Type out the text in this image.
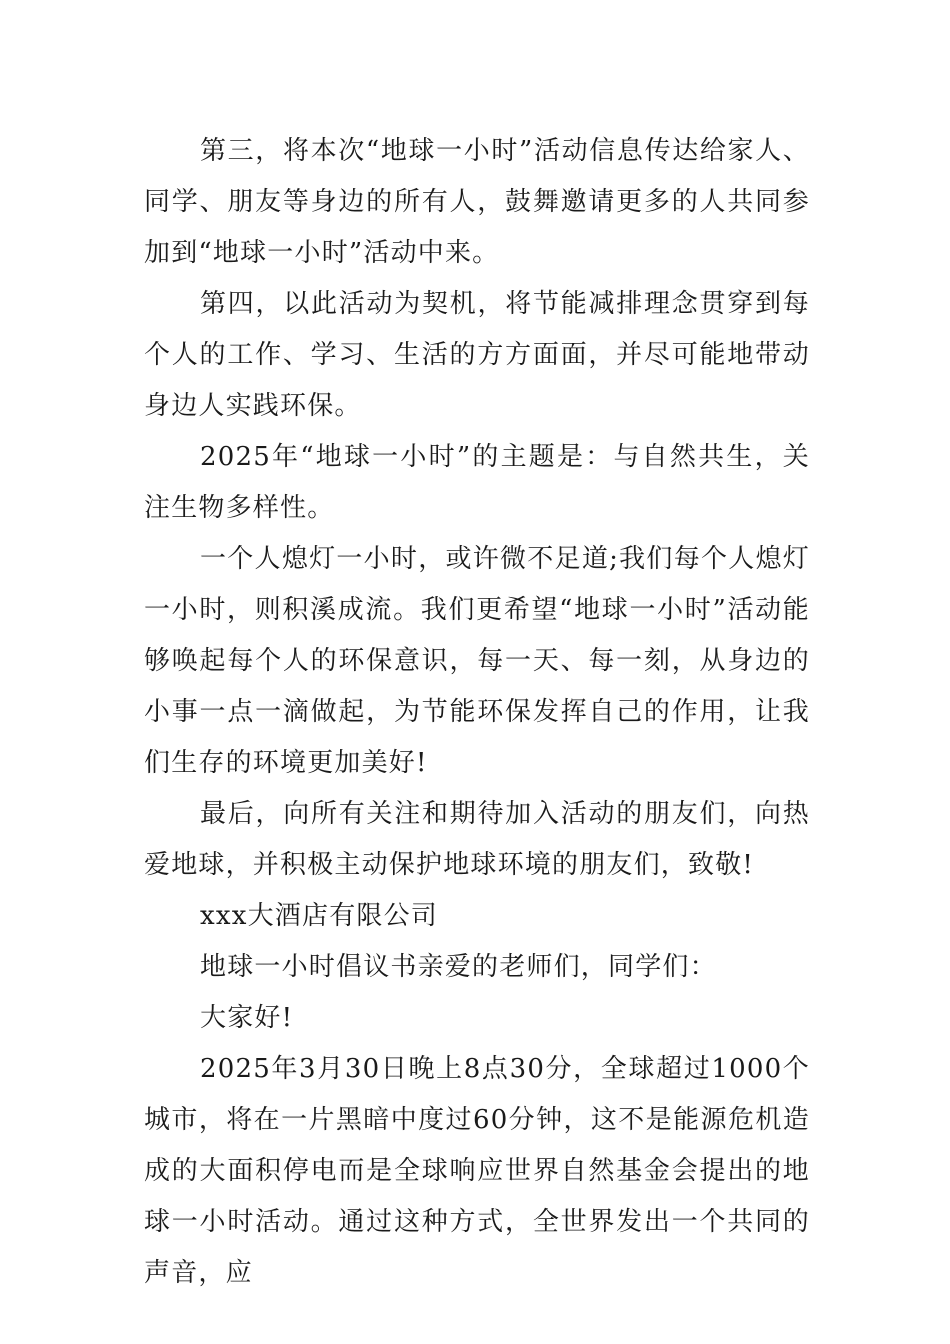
第三，将本次“地球一小时”活动信息传达给家人、同学、朋友等身边的所有人，鼓舞邀请更多的人共同参加到“地球一小时”活动中来。

第四，以此活动为契机，将节能减排理念贯穿到每个人的工作、学习、生活的方方面面，并尽可能地带动身边人实践环保。

2025年“地球一小时”的主题是：与自然共生，关注生物多样性。

一个人熄灯一小时，或许微不足道;我们每个人熄灯一小时，则积溪成流。我们更希望“地球一小时”活动能够唤起每个人的环保意识，每一天、每一刻，从身边的小事一点一滴做起，为节能环保发挥自己的作用，让我们生存的环境更加美好!

最后，向所有关注和期待加入活动的朋友们，向热爱地球，并积极主动保护地球环境的朋友们，致敬!

xxx大酒店有限公司

地球一小时倡议书亲爱的老师们，同学们：

大家好!

2025年3月30日晚上8点30分，全球超过1000个城市，将在一片黑暗中度过60分钟，这不是能源危机造成的大面积停电而是全球响应世界自然基金会提出的地球一小时活动。通过这种方式，全世界发出一个共同的声音，应
